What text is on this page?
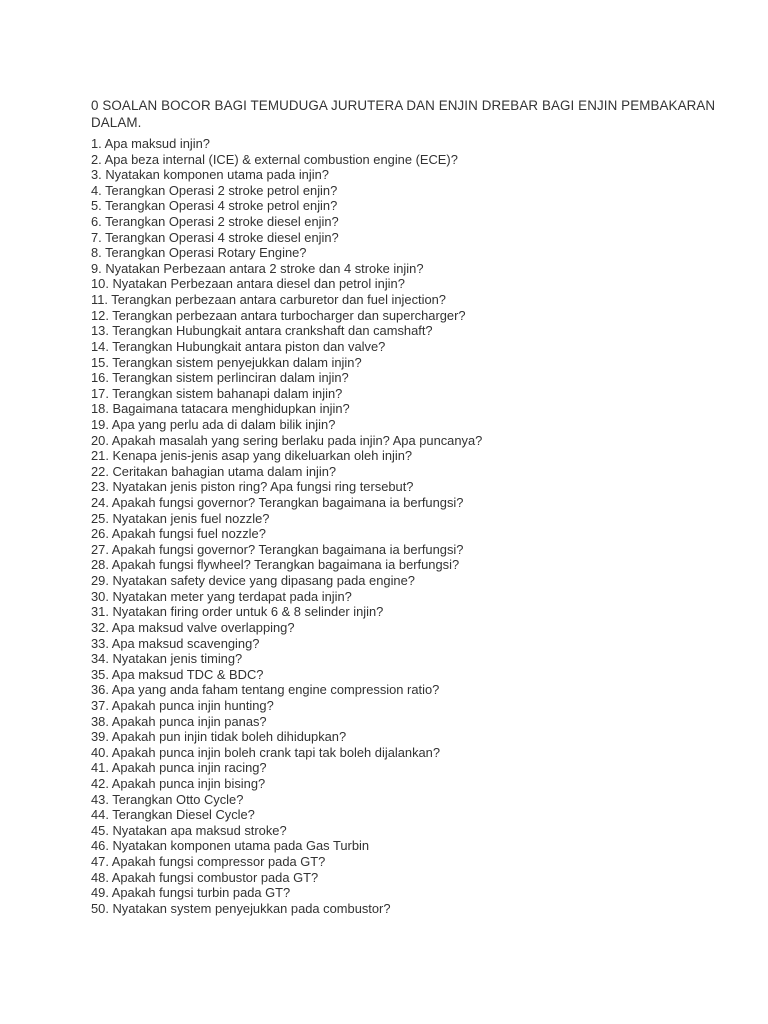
0 SOALAN BOCOR BAGI TEMUDUGA JURUTERA DAN ENJIN DREBAR BAGI ENJIN PEMBAKARAN DALAM.
1. Apa maksud injin?
2. Apa beza internal (ICE) & external combustion engine (ECE)?
3. Nyatakan komponen utama pada injin?
4. Terangkan Operasi 2 stroke petrol enjin?
5. Terangkan Operasi 4 stroke petrol enjin?
6. Terangkan Operasi 2 stroke diesel enjin?
7. Terangkan Operasi 4 stroke diesel enjin?
8. Terangkan Operasi Rotary Engine?
9. Nyatakan Perbezaan antara 2 stroke dan 4 stroke injin?
10. Nyatakan Perbezaan antara diesel dan petrol injin?
11. Terangkan perbezaan antara carburetor dan fuel injection?
12. Terangkan perbezaan antara turbocharger dan supercharger?
13. Terangkan Hubungkait antara crankshaft dan camshaft?
14. Terangkan Hubungkait antara piston dan valve?
15. Terangkan sistem penyejukkan dalam injin?
16. Terangkan sistem perlinciran dalam injin?
17. Terangkan sistem bahanapi dalam injin?
18. Bagaimana tatacara menghidupkan injin?
19. Apa yang perlu ada di dalam bilik injin?
20. Apakah masalah yang sering berlaku pada injin? Apa puncanya?
21. Kenapa jenis-jenis asap yang dikeluarkan oleh injin?
22. Ceritakan bahagian utama dalam injin?
23. Nyatakan jenis piston ring? Apa fungsi ring tersebut?
24. Apakah fungsi governor? Terangkan bagaimana ia berfungsi?
25. Nyatakan jenis fuel nozzle?
26. Apakah fungsi fuel nozzle?
27. Apakah fungsi governor? Terangkan bagaimana ia berfungsi?
28. Apakah fungsi flywheel? Terangkan bagaimana ia berfungsi?
29. Nyatakan safety device yang dipasang pada engine?
30. Nyatakan meter yang terdapat pada injin?
31. Nyatakan firing order untuk 6 & 8 selinder injin?
32. Apa maksud valve overlapping?
33. Apa maksud scavenging?
34. Nyatakan jenis timing?
35. Apa maksud TDC & BDC?
36. Apa yang anda faham tentang engine compression ratio?
37. Apakah punca injin hunting?
38. Apakah punca injin panas?
39. Apakah pun injin tidak boleh dihidupkan?
40. Apakah punca injin boleh crank tapi tak boleh dijalankan?
41. Apakah punca injin racing?
42. Apakah punca injin bising?
43. Terangkan Otto Cycle?
44. Terangkan Diesel Cycle?
45. Nyatakan apa maksud stroke?
46. Nyatakan komponen utama pada Gas Turbin
47. Apakah fungsi compressor pada GT?
48. Apakah fungsi combustor pada GT?
49. Apakah fungsi turbin pada GT?
50. Nyatakan system penyejukkan pada combustor?
